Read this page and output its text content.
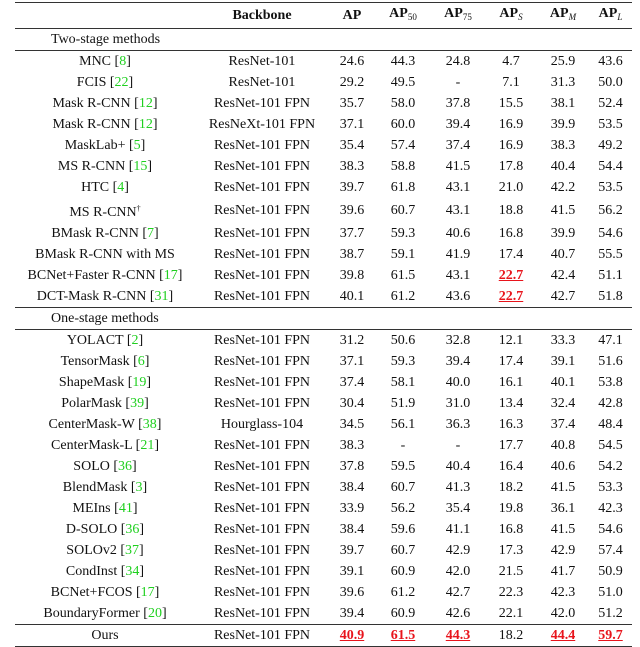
	Backbone	AP	$AP_{50}$	$AP_{75}$	$AP_S$	$AP_M$	$AP_L$
Two-stage methods							
MNC [8]	ResNet-101	24.6	44.3	24.8	4.7	25.9	43.6
FCIS [22]	ResNet-101	29.2	49.5	-	7.1	31.3	50.0
Mask R-CNN [12]	ResNet-101 FPN	35.7	58.0	37.8	15.5	38.1	52.4
Mask R-CNN [12]	ResNeXt-101 FPN	37.1	60.0	39.4	16.9	39.9	53.5
MaskLab+ [5]	ResNet-101 FPN	35.4	57.4	37.4	16.9	38.3	49.2
MS R-CNN [15]	ResNet-101 FPN	38.3	58.8	41.5	17.8	40.4	54.4
HTC [4]	ResNet-101 FPN	39.7	61.8	43.1	21.0	42.2	53.5
MS R-CNN†	ResNet-101 FPN	39.6	60.7	43.1	18.8	41.5	56.2
BMask R-CNN [7]	ResNet-101 FPN	37.7	59.3	40.6	16.8	39.9	54.6
BMask R-CNN with MS	ResNet-101 FPN	38.7	59.1	41.9	17.4	40.7	55.5
BCNet+Faster R-CNN [17]	ResNet-101 FPN	39.8	61.5	43.1	22.7	42.4	51.1
DCT-Mask R-CNN [31]	ResNet-101 FPN	40.1	61.2	43.6	22.7	42.7	51.8
One-stage methods							
YOLACT [2]	ResNet-101 FPN	31.2	50.6	32.8	12.1	33.3	47.1
TensorMask [6]	ResNet-101 FPN	37.1	59.3	39.4	17.4	39.1	51.6
ShapeMask [19]	ResNet-101 FPN	37.4	58.1	40.0	16.1	40.1	53.8
PolarMask [39]	ResNet-101 FPN	30.4	51.9	31.0	13.4	32.4	42.8
CenterMask-W [38]	Hourglass-104	34.5	56.1	36.3	16.3	37.4	48.4
CenterMask-L [21]	ResNet-101 FPN	38.3	-	-	17.7	40.8	54.5
SOLO [36]	ResNet-101 FPN	37.8	59.5	40.4	16.4	40.6	54.2
BlendMask [3]	ResNet-101 FPN	38.4	60.7	41.3	18.2	41.5	53.3
MEIns [41]	ResNet-101 FPN	33.9	56.2	35.4	19.8	36.1	42.3
D-SOLO [36]	ResNet-101 FPN	38.4	59.6	41.1	16.8	41.5	54.6
SOLOv2 [37]	ResNet-101 FPN	39.7	60.7	42.9	17.3	42.9	57.4
CondInst [34]	ResNet-101 FPN	39.1	60.9	42.0	21.5	41.7	50.9
BCNet+FCOS [17]	ResNet-101 FPN	39.6	61.2	42.7	22.3	42.3	51.0
BoundaryFormer [20]	ResNet-101 FPN	39.4	60.9	42.6	22.1	42.0	51.2
Ours	ResNet-101 FPN	40.9	61.5	44.3	18.2	44.4	59.7
